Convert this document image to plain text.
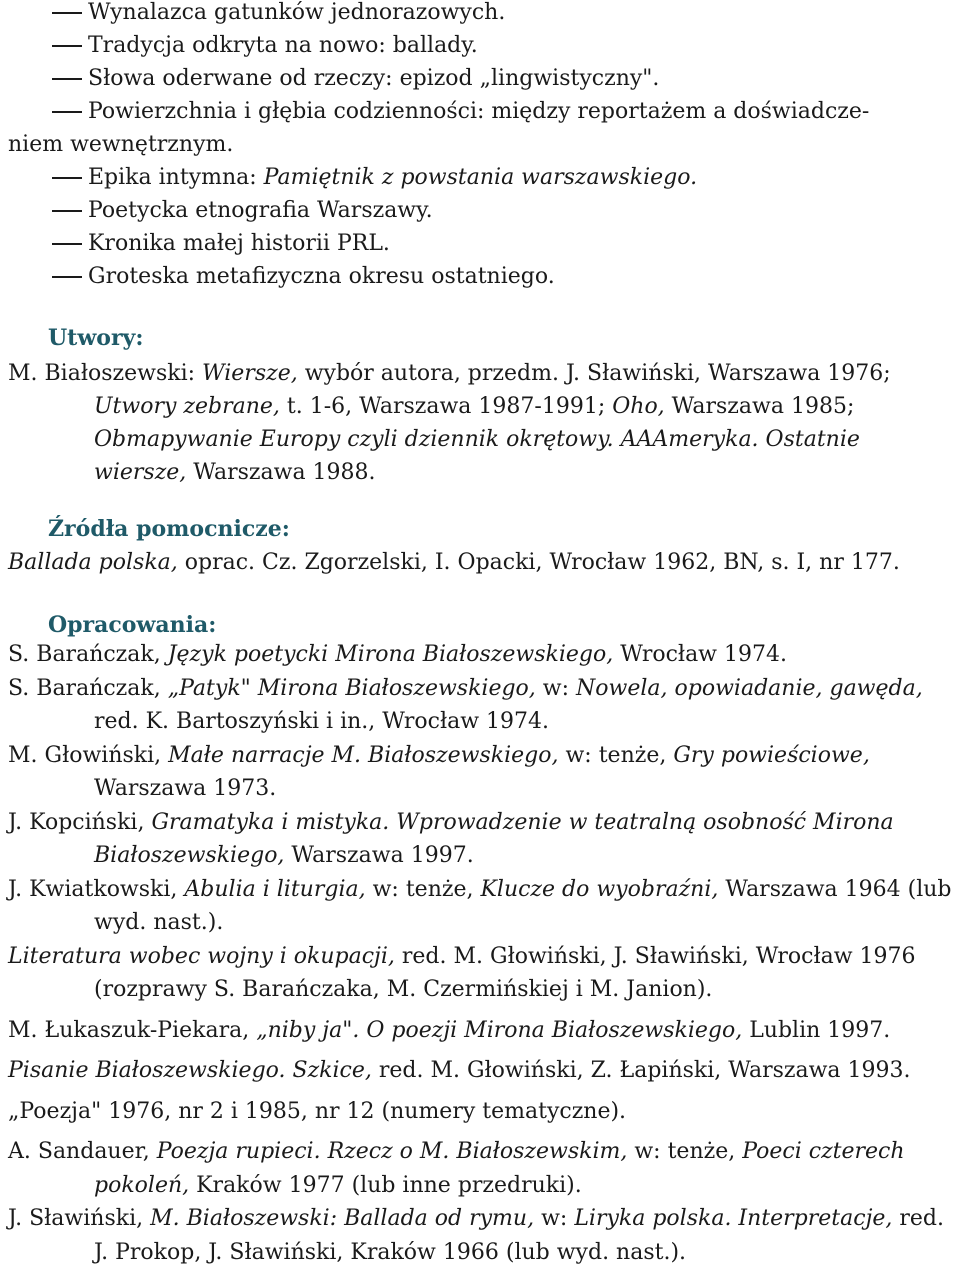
Wynalazca gatunków jednorazowych.
Tradycja odkryta na nowo: ballady.
Słowa oderwane od rzeczy: epizod „lingwistyczny".
Powierzchnia i głębia codzienności: między reportażem a doświadcze-
niem wewnętrznym.
Epika intymna: Pamiętnik z powstania warszawskiego.
Poetycka etnografia Warszawy.
Kronika małej historii PRL.
Groteska metafizyczna okresu ostatniego.
Utwory:
M. Białoszewski: Wiersze, wybór autora, przedm. J. Sławiński, Warszawa 1976; Utwory zebrane, t. 1-6, Warszawa 1987-1991; Oho, Warszawa 1985; Obmapywanie Europy czyli dziennik okrętowy. AAAmeryka. Ostatnie wiersze, Warszawa 1988.
Źródła pomocnicze:
Ballada polska, oprac. Cz. Zgorzelski, I. Opacki, Wrocław 1962, BN, s. I, nr 177.
Opracowania:
S. Barańczak, Język poetycki Mirona Białoszewskiego, Wrocław 1974.
S. Barańczak, „Patyk" Mirona Białoszewskiego, w: Nowela, opowiadanie, gawęda, red. K. Bartoszyński i in., Wrocław 1974.
M. Głowiński, Małe narracje M. Białoszewskiego, w: tenże, Gry powieściowe, Warszawa 1973.
J. Kopciński, Gramatyka i mistyka. Wprowadzenie w teatralną osobność Mirona Białoszewskiego, Warszawa 1997.
J. Kwiatkowski, Abulia i liturgia, w: tenże, Klucze do wyobraźni, Warszawa 1964 (lub wyd. nast.).
Literatura wobec wojny i okupacji, red. M. Głowiński, J. Sławiński, Wrocław 1976 (rozprawy S. Barańczaka, M. Czermińskiej i M. Janion).
M. Łukaszuk-Piekara, „niby ja". O poezji Mirona Białoszewskiego, Lublin 1997.
Pisanie Białoszewskiego. Szkice, red. M. Głowiński, Z. Łapiński, Warszawa 1993.
„Poezja" 1976, nr 2 i 1985, nr 12 (numery tematyczne).
A. Sandauer, Poezja rupieci. Rzecz o M. Białoszewskim, w: tenże, Poeci czterech pokoleń, Kraków 1977 (lub inne przedruki).
J. Sławiński, M. Białoszewski: Ballada od rymu, w: Liryka polska. Interpretacje, red. J. Prokop, J. Sławiński, Kraków 1966 (lub wyd. nast.).
